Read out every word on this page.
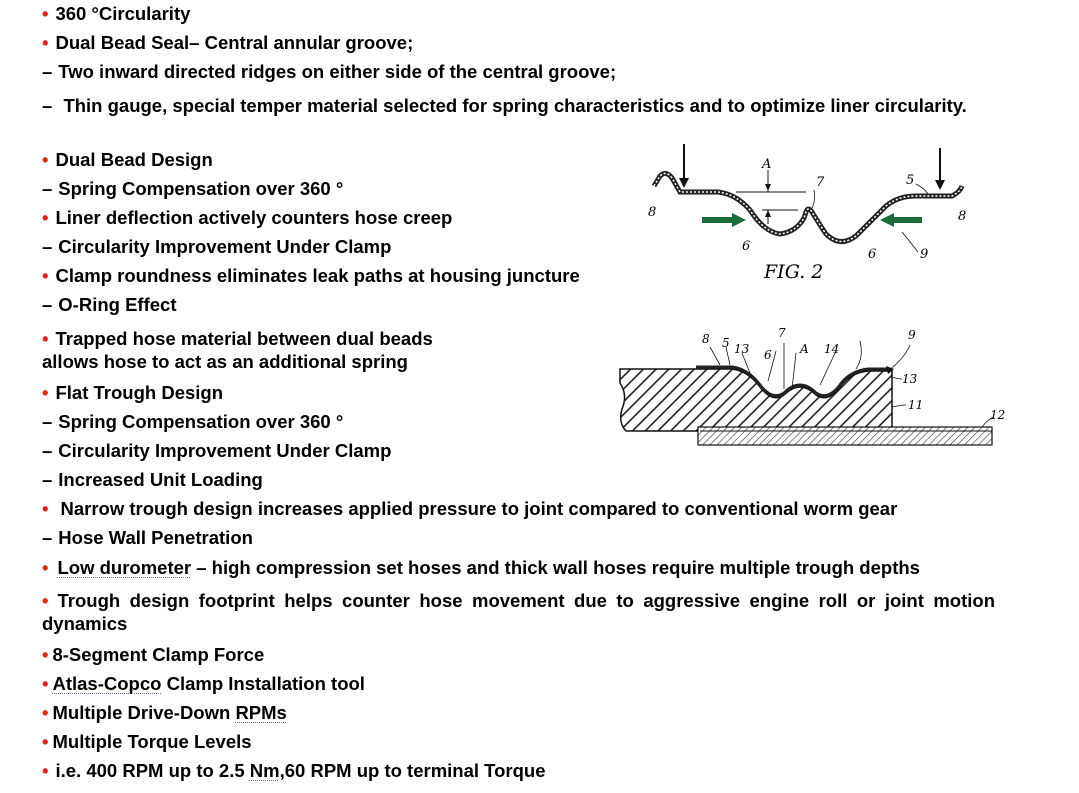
• 360 °Circularity
• Dual Bead Seal– Central annular groove;
– Two inward directed ridges on either side of the central groove;
– Thin gauge, special temper material selected for spring characteristics and to optimize liner circularity.
• Dual Bead Design
– Spring Compensation over 360 °
• Liner deflection actively counters hose creep
– Circularity Improvement Under Clamp
• Clamp roundness eliminates leak paths at housing juncture
– O-Ring Effect
• Trapped hose material between dual beads allows hose to act as an additional spring
• Flat Trough Design
– Spring Compensation over 360 °
– Circularity Improvement Under Clamp
– Increased Unit Loading
• Narrow trough design increases applied pressure to joint compared to conventional worm gear
– Hose Wall Penetration
• Low durometer – high compression set hoses and thick wall hoses require multiple trough depths
• Trough design footprint helps counter hose movement due to aggressive engine roll or joint motion dynamics
• 8-Segment Clamp Force
• Atlas-Copco Clamp Installation tool
• Multiple Drive-Down RPMs
• Multiple Torque Levels
• i.e. 400 RPM up to 2.5 Nm,60 RPM up to terminal Torque
8	8
A
7	5
6
6	9
FIG. 2
8 5 13 6
7
A 14
9
13
11
12
